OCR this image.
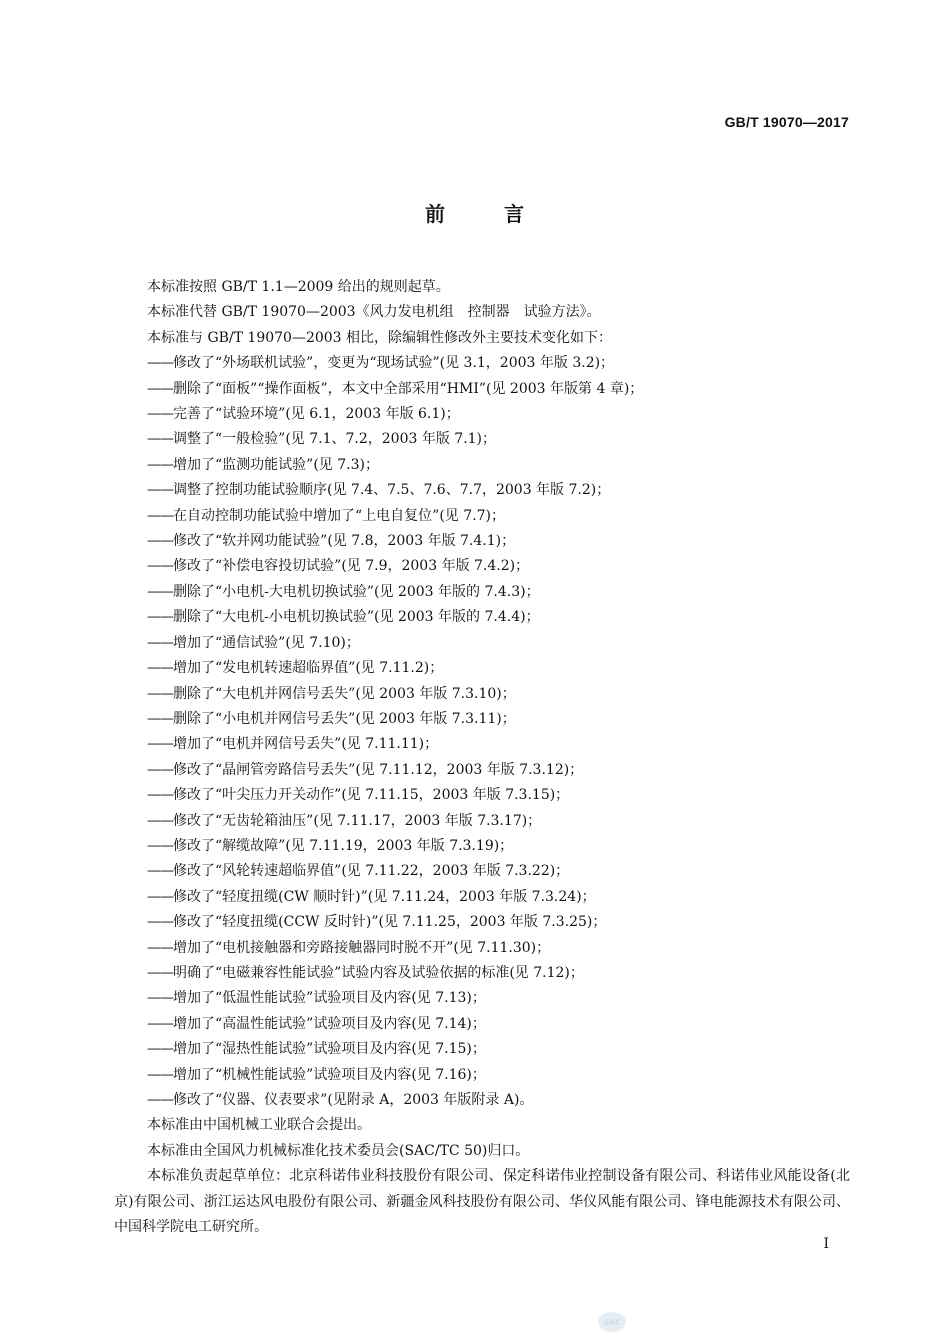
GB/T 19070—2017
前	言

本标准按照 GB/T 1.1—2009 给出的规则起草。

本标准代替 GB/T 19070—2003《风力发电机组　控制器　试验方法》。

本标准与 GB/T 19070—2003 相比，除编辑性修改外主要技术变化如下：

——修改了“外场联机试验”，变更为“现场试验”(见 3.1，2003 年版 3.2)；

——删除了“面板”“操作面板”，本文中全部采用“HMI”(见 2003 年版第 4 章)；

——完善了“试验环境”(见 6.1，2003 年版 6.1)；

——调整了“一般检验”(见 7.1、7.2，2003 年版 7.1)；

——增加了“监测功能试验”(见 7.3)；

——调整了控制功能试验顺序(见 7.4、7.5、7.6、7.7，2003 年版 7.2)；

——在自动控制功能试验中增加了“上电自复位”(见 7.7)；

——修改了“软并网功能试验”(见 7.8，2003 年版 7.4.1)；

——修改了“补偿电容投切试验”(见 7.9，2003 年版 7.4.2)；

——删除了“小电机-大电机切换试验”(见 2003 年版的 7.4.3)；

——删除了“大电机-小电机切换试验”(见 2003 年版的 7.4.4)；

——增加了“通信试验”(见 7.10)；

——增加了“发电机转速超临界值”(见 7.11.2)；

——删除了“大电机并网信号丢失”(见 2003 年版 7.3.10)；

——删除了“小电机并网信号丢失”(见 2003 年版 7.3.11)；

——增加了“电机并网信号丢失”(见 7.11.11)；

——修改了“晶闸管旁路信号丢失”(见 7.11.12，2003 年版 7.3.12)；

——修改了“叶尖压力开关动作”(见 7.11.15，2003 年版 7.3.15)；

——修改了“无齿轮箱油压”(见 7.11.17，2003 年版 7.3.17)；

——修改了“解缆故障”(见 7.11.19，2003 年版 7.3.19)；

——修改了“风轮转速超临界值”(见 7.11.22，2003 年版 7.3.22)；

——修改了“轻度扭缆(CW 顺时针)”(见 7.11.24，2003 年版 7.3.24)；

——修改了“轻度扭缆(CCW 反时针)”(见 7.11.25，2003 年版 7.3.25)；

——增加了“电机接触器和旁路接触器同时脱不开”(见 7.11.30)；

——明确了“电磁兼容性能试验”试验内容及试验依据的标准(见 7.12)；

——增加了“低温性能试验”试验项目及内容(见 7.13)；

——增加了“高温性能试验”试验项目及内容(见 7.14)；

——增加了“湿热性能试验”试验项目及内容(见 7.15)；

——增加了“机械性能试验”试验项目及内容(见 7.16)；

——修改了“仪器、仪表要求”(见附录 A，2003 年版附录 A)。

本标准由中国机械工业联合会提出。

本标准由全国风力机械标准化技术委员会(SAC/TC 50)归口。

本标准负责起草单位：北京科诺伟业科技股份有限公司、保定科诺伟业控制设备有限公司、科诺伟业风能设备(北京)有限公司、浙江运达风电股份有限公司、新疆金风科技股份有限公司、华仪风能有限公司、锋电能源技术有限公司、中国科学院电工研究所。

I
SAC
